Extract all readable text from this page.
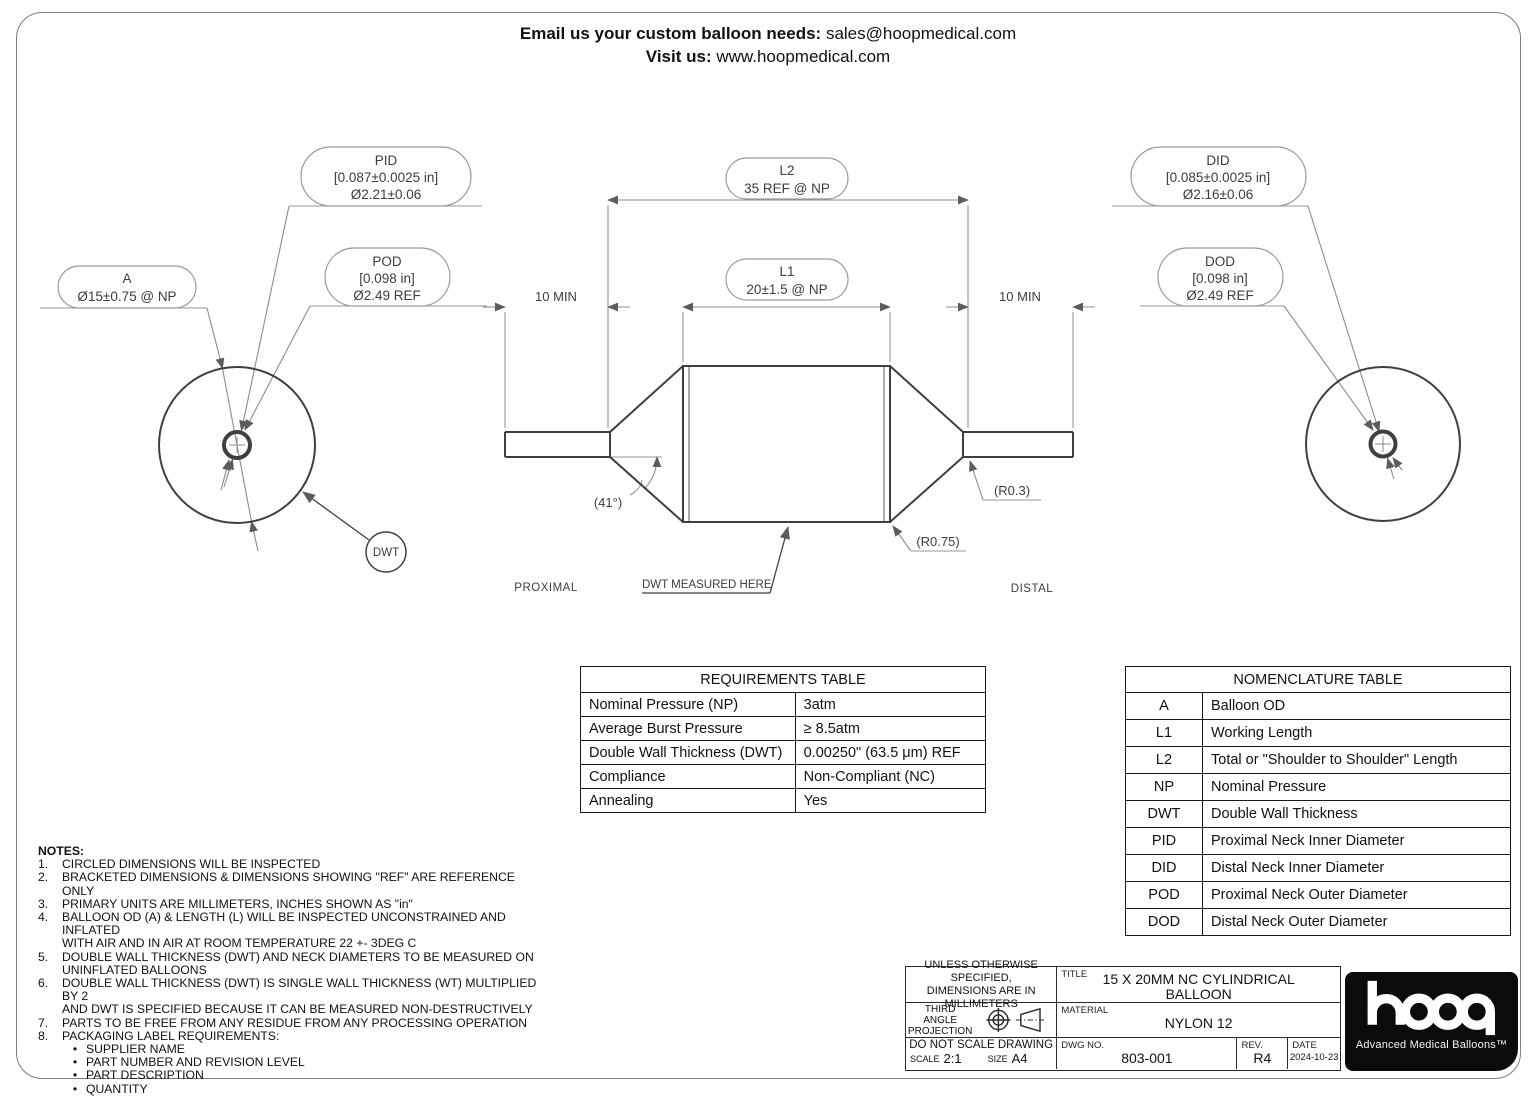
Email us your custom balloon needs: sales@hoopmedical.com
Visit us: www.hoopmedical.com
DWT
A
Ø15±0.75 @ NP
PID
[0.087±0.0025 in]
Ø2.21±0.06
POD
[0.098 in]
Ø2.49 REF
L2
35 REF @ NP
L1
20±1.5 @ NP
DID
[0.085±0.0025 in]
Ø2.16±0.06
DOD
[0.098 in]
Ø2.49 REF
10 MIN	10 MIN
(41°)
(R0.3)
(R0.75)
DWT MEASURED HERE
PROXIMAL	DISTAL
REQUIREMENTS TABLE	
Nominal Pressure (NP)	3atm
Average Burst Pressure	≥ 8.5atm
Double Wall Thickness (DWT)	0.00250" (63.5 μm) REF
Compliance	Non-Compliant (NC)
Annealing	Yes
NOMENCLATURE TABLE	
A	Balloon OD
L1	Working Length
L2	Total or "Shoulder to Shoulder" Length
NP	Nominal Pressure
DWT	Double Wall Thickness
PID	Proximal Neck Inner Diameter
DID	Distal Neck Inner Diameter
POD	Proximal Neck Outer Diameter
DOD	Distal Neck Outer Diameter
NOTES:
1.	CIRCLED DIMENSIONS WILL BE INSPECTED
2.	BRACKETED DIMENSIONS & DIMENSIONS SHOWING "REF" ARE REFERENCE ONLY
3.	PRIMARY UNITS ARE MILLIMETERS, INCHES SHOWN AS "in"
4.	BALLOON OD (A) & LENGTH (L) WILL BE INSPECTED UNCONSTRAINED AND INFLATED
WITH AIR AND IN AIR AT ROOM TEMPERATURE 22 +- 3DEG C
5.	DOUBLE WALL THICKNESS (DWT) AND NECK DIAMETERS TO BE MEASURED ON
UNINFLATED BALLOONS
6.	DOUBLE WALL THICKNESS (DWT) IS SINGLE WALL THICKNESS (WT) MULTIPLIED BY 2
AND DWT IS SPECIFIED BECAUSE IT CAN BE MEASURED NON-DESTRUCTIVELY
7.	PARTS TO BE FREE FROM ANY RESIDUE FROM ANY PROCESSING OPERATION
8.	PACKAGING LABEL REQUIREMENTS:
•
SUPPLIER NAME
•
PART NUMBER AND REVISION LEVEL
•
PART DESCRIPTION
•
QUANTITY
UNLESS OTHERWISE SPECIFIED,
DIMENSIONS ARE IN MILLIMETERS
TITLE 15 X 20MM NC CYLINDRICAL
BALLOON
THIRD
ANGLE
PROJECTION
MATERIAL
NYLON 12
DO NOT SCALE DRAWING
SCALE 2:1	SIZE A4
DWG NO.
803-001
REV.
R4
DATE
2024-10-23
Advanced Medical Balloons™
